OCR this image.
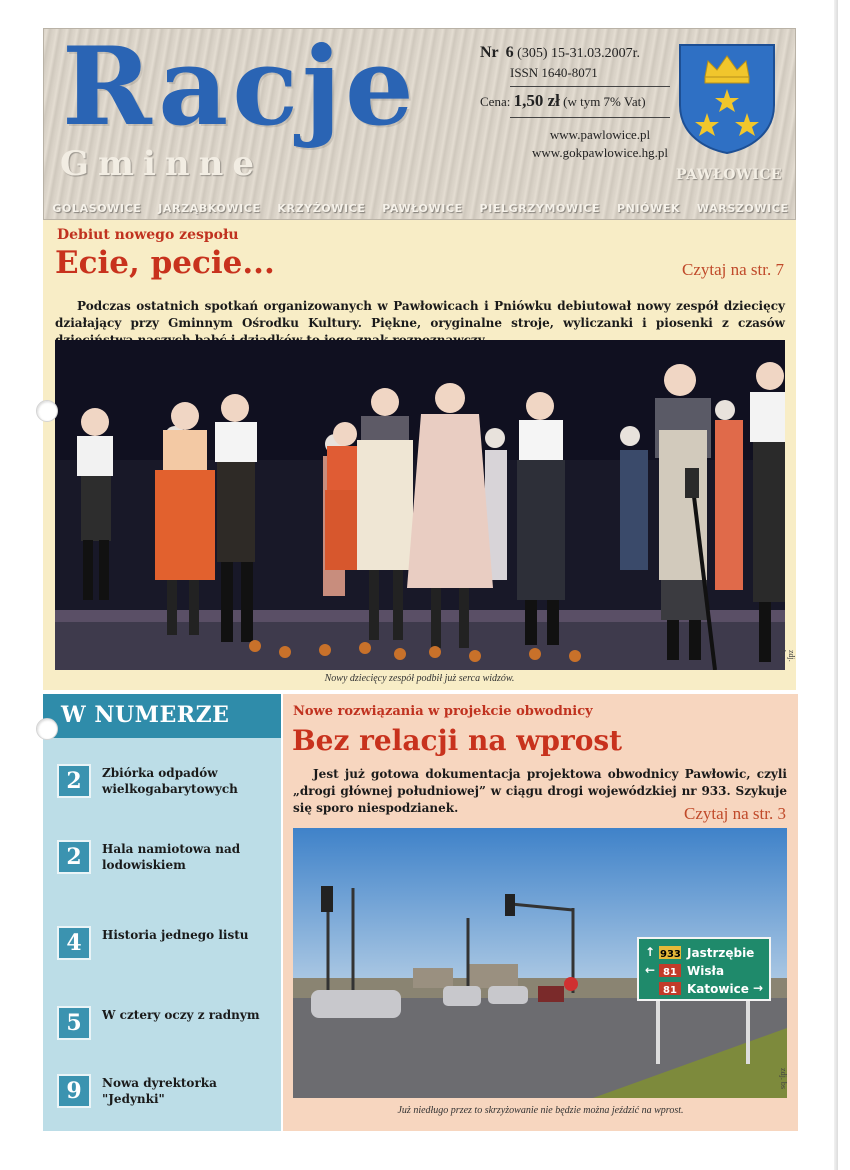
Racje
Gminne
Nr 6 (305) 15-31.03.2007r.
ISSN 1640-8071
Cena: 1,50 zł (w tym 7% Vat)
www.pawlowice.pl
www.gokpawlowice.hg.pl
PAWŁOWICE
GOLASOWICE JARZĄBKOWICE KRZYŻOWICE PAWŁOWICE PIELGRZYMOWICE PNIÓWEK WARSZOWICE
Debiut nowego zespołu
Ecie, pecie...	Czytaj na str. 7

Podczas ostatnich spotkań organizowanych w Pawłowicach i Pniówku debiutował nowy zespół dziecięcy działający przy Gminnym Ośrodku Kultury. Piękne, oryginalne stroje, wyliczanki i piosenki z czasów

Nowy dziecięcy zespół podbił już serca widzów.
zdj. bs
W NUMERZE
2	Zbiórka odpadów wielkogabarytowych
2	Hala namiotowa nad lodowiskiem
4	Historia jednego listu
5	W cztery oczy z radnym
9	Nowa dyrektorka "Jedynki"
Nowe rozwiązania w projekcie obwodnicy
Bez relacji na wprost

Jest już gotowa dokumentacja projektowa obwodnicy Pawłowic, czyli „drogi głównej południowej” w ciągu drogi wojewódzkiej nr 933. Szykuje się sporo niespodzianek.	Czytaj na str. 3
↑ 933 Jastrzębie
← 81 Wisła
→
81 Katowice
Już niedługo przez to skrzyżowanie nie będzie można jeździć na wprost.
zdj. bs
